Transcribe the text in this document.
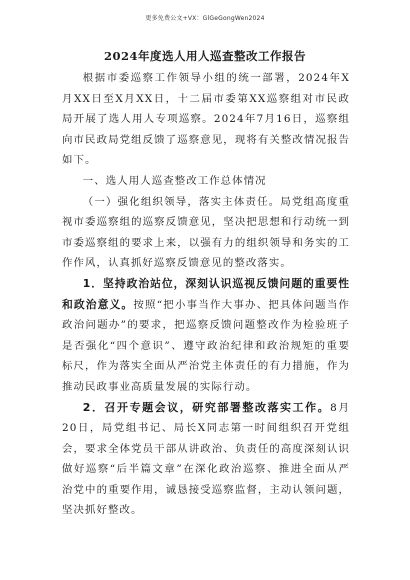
更多免费公文+VX：GlGeGongWen2024
2024年度选人用人巡查整改工作报告

根据市委巡察工作领导小组的统一部署，2024年X月XX日至X月XX日，十二届市委第XX巡察组对市民政局开展了选人用人专项巡察。2024年7月16日，巡察组向市民政局党组反馈了巡察意见，现将有关整改情况报告如下。

一、选人用人巡查整改工作总体情况

（一）强化组织领导，落实主体责任。局党组高度重视市委巡察组的巡察反馈意见，坚决把思想和行动统一到市委巡察组的要求上来，以强有力的组织领导和务实的工作作风，认真抓好巡察反馈意见的整改落实。

1．坚持政治站位，深刻认识巡视反馈问题的重要性和政治意义。按照“把小事当作大事办、把具体问题当作政治问题办”的要求，把巡察反馈问题整改作为检验班子是否强化“四个意识”、遵守政治纪律和政治规矩的重要标尺，作为落实全面从严治党主体责任的有力措施，作为推动民政事业高质量发展的实际行动。

2．召开专题会议，研究部署整改落实工作。8月20日，局党组书记、局长X同志第一时间组织召开党组会，要求全体党员干部从讲政治、负责任的高度深刻认识做好巡察“后半篇文章”在深化政治巡察、推进全面从严治党中的重要作用，诚恳接受巡察监督，主动认领问题，坚决抓好整改。
